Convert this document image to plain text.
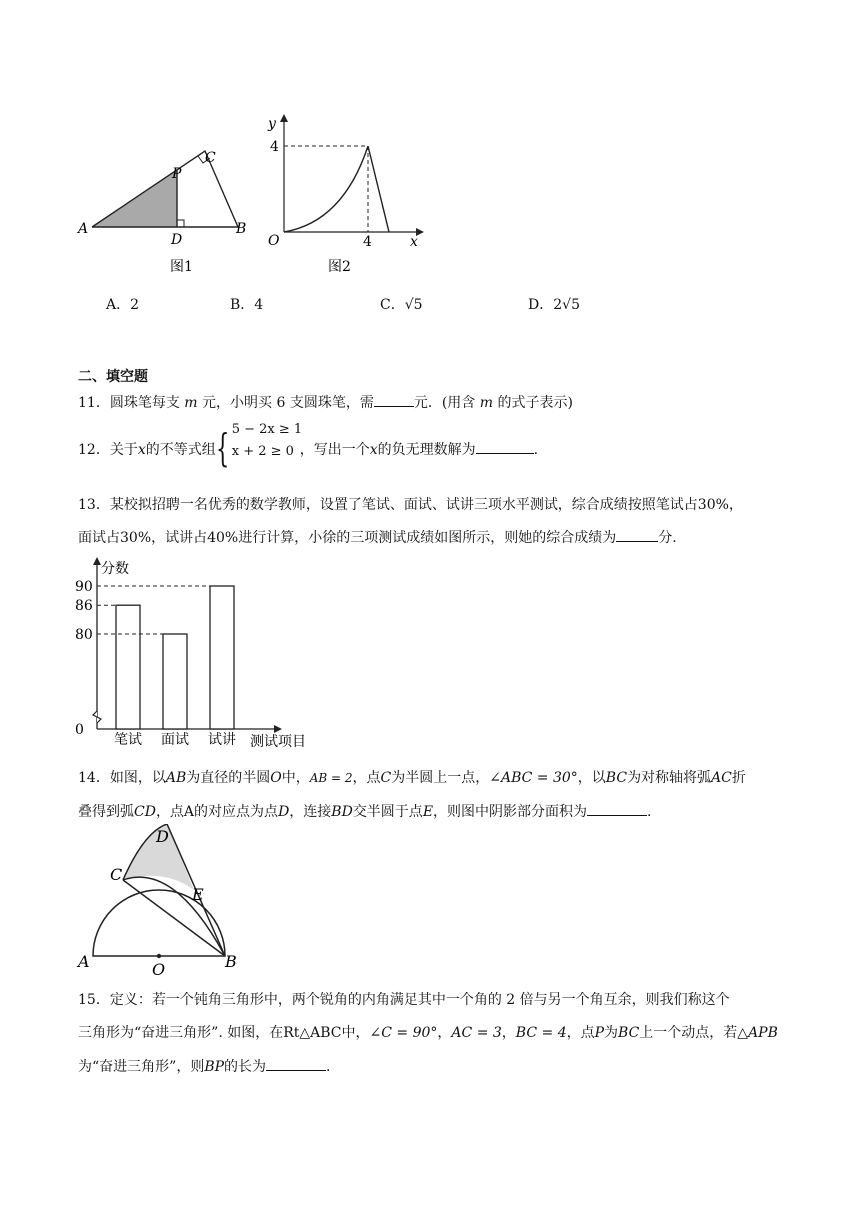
A	B
C
D
P
图1
y
x
O
4
4
图2
A．2	B．4	C．√5	D．2√5
二、填空题
11．圆珠笔每支 m 元，小明买 6 支圆珠笔，需	元．(用含 m 的式子表示)
12．关于x的不等式组 { 5 − 2x ≥ 1
x + 2 ≥ 0 ，写出一个x的负无理数解为	.
13．某校拟招聘一名优秀的数学教师，设置了笔试、面试、试讲三项水平测试，综合成绩按照笔试占30%，
面试占30%，试讲占40%进行计算，小徐的三项测试成绩如图所示，则她的综合成绩为	分.
0
80
86
90
笔试 面试 试讲
分数
测试项目
14．如图，以AB为直径的半圆O中，AB = 2，点C为半圆上一点，∠ABC = 30°，以BC为对称轴将弧AC折
叠得到弧CD，点A的对应点为点D，连接BD交半圆于点E，则图中阴影部分面积为	.
A	B
C
D
E
O
15．定义：若一个钝角三角形中，两个锐角的内角满足其中一个角的 2 倍与另一个角互余，则我们称这个
三角形为“奋进三角形”. 如图，在Rt△ABC中，∠C = 90°，AC = 3，BC = 4，点P为BC上一个动点，若△APB
为“奋进三角形”，则BP的长为	.
